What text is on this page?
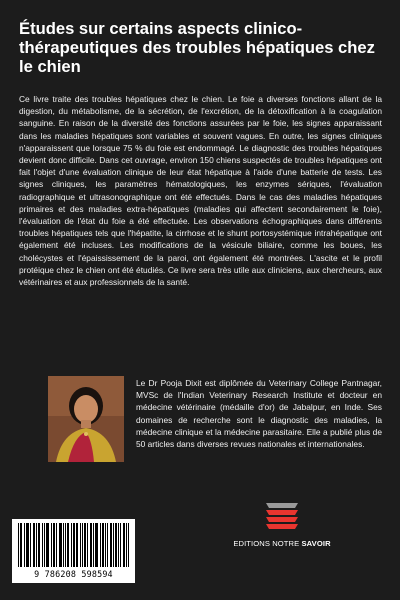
Études sur certains aspects clinico-thérapeutiques des troubles hépatiques chez le chien

Ce livre traite des troubles hépatiques chez le chien. Le foie a diverses fonctions allant de la digestion, du métabolisme, de la sécrétion, de l'excrétion, de la détoxification à la coagulation sanguine. En raison de la diversité des fonctions assurées par le foie, les signes apparaissant dans les maladies hépatiques sont variables et souvent vagues. En outre, les signes cliniques n'apparaissent que lorsque 75 % du foie est endommagé. Le diagnostic des troubles hépatiques devient donc difficile. Dans cet ouvrage, environ 150 chiens suspectés de troubles hépatiques ont fait l'objet d'une évaluation clinique de leur état hépatique à l'aide d'une batterie de tests. Les signes cliniques, les paramètres hématologiques, les enzymes sériques, l'évaluation radiographique et ultrasonographique ont été effectués. Dans le cas des maladies hépatiques primaires et des maladies extra-hépatiques (maladies qui affectent secondairement le foie), l'évaluation de l'état du foie a été effectuée. Les observations échographiques dans différents troubles hépatiques tels que l'hépatite, la cirrhose et le shunt portosystémique intrahépatique ont également été incluses. Les modifications de la vésicule biliaire, comme les boues, les cholécystes et l'épaississement de la paroi, ont également été montrées. L'ascite et le profil protéique chez le chien ont été étudiés. Ce livre sera très utile aux cliniciens, aux chercheurs, aux vétérinaires et aux professionnels de la santé.

Le Dr Pooja Dixit est diplômée du Veterinary College Pantnagar, MVSc de l'Indian Veterinary Research Institute et docteur en médecine vétérinaire (médaille d'or) de Jabalpur, en Inde. Ses domaines de recherche sont le diagnostic des maladies, la médecine clinique et la médecine parasitaire. Elle a publié plus de 50 articles dans diverses revues nationales et internationales.

EDITIONS NOTRE SAVOIR
9 786208 598594
